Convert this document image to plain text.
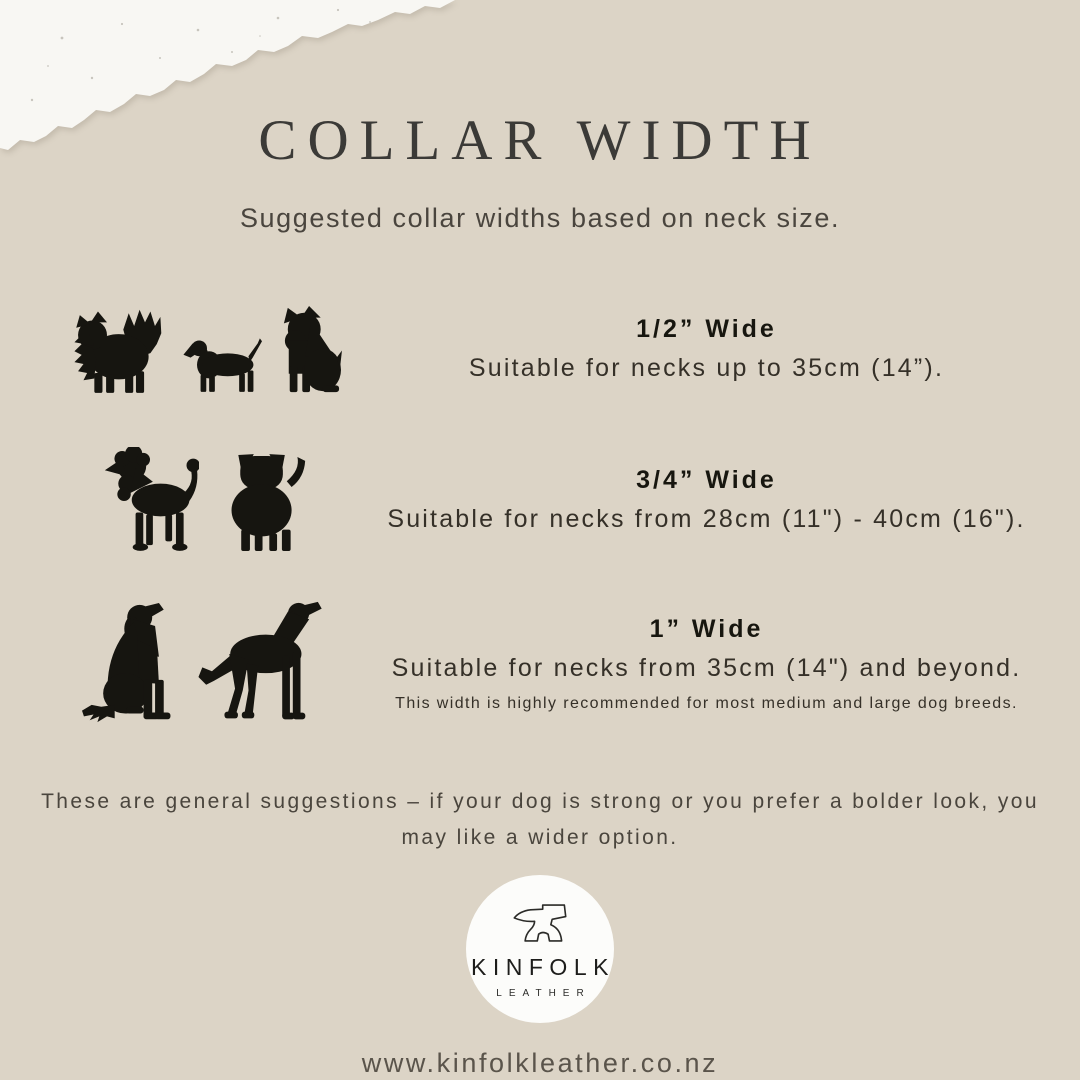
COLLAR WIDTH
Suggested collar widths based on neck size.
1/2” Wide
Suitable for necks up to 35cm (14”).
3/4” Wide
Suitable for necks from 28cm (11") - 40cm (16").
1” Wide
Suitable for necks from 35cm (14") and beyond.
This width is highly recommended for most medium and large dog breeds.
These are general suggestions – if your dog is strong or you prefer a bolder look, you may like a wider option.
KINFOLK
LEATHER
www.kinfolkleather.co.nz
